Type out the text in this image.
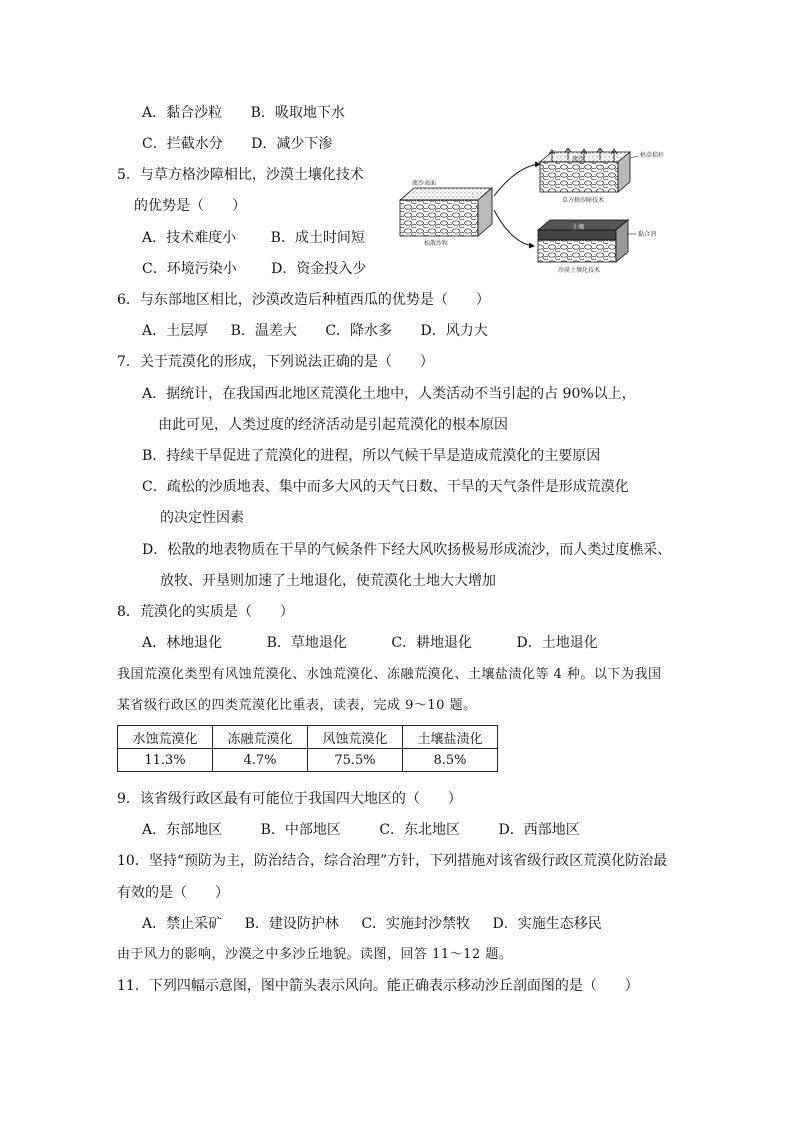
A．黏合沙粒 B．吸取地下水
C．拦截水分 D．减少下渗
5．与草方格沙障相比，沙漠土壤化技术
的优势是（　　）
A．技术难度小 B．成土时间短
C．环境污染小 D．资金投入少
流沙表面
松散沙粒
流沙
枯草秸秆
草方格沙障技术
土壤
黏合剂
沙漠土壤化技术
6．与东部地区相比，沙漠改造后种植西瓜的优势是（　　）
A．土层厚 B．温差大 C．降水多 D．风力大
7．关于荒漠化的形成，下列说法正确的是（　　）
A．据统计，在我国西北地区荒漠化土地中，人类活动不当引起的占 90%以上，
由此可见，人类过度的经济活动是引起荒漠化的根本原因
B．持续干旱促进了荒漠化的进程，所以气候干旱是造成荒漠化的主要原因
C．疏松的沙质地表、集中而多大风的天气日数、干旱的天气条件是形成荒漠化
的决定性因素
D．松散的地表物质在干旱的气候条件下经大风吹扬极易形成流沙，而人类过度樵采、
放牧、开垦则加速了土地退化，使荒漠化土地大大增加
8．荒漠化的实质是（　　）
A．林地退化	B．草地退化	C．耕地退化	D．土地退化
我国荒漠化类型有风蚀荒漠化、水蚀荒漠化、冻融荒漠化、土壤盐渍化等 4 种。以下为我国
某省级行政区的四类荒漠化比重表，读表，完成 9～10 题。
水蚀荒漠化	冻融荒漠化	风蚀荒漠化	土壤盐渍化
11.3%	4.7%	75.5%	8.5%
9．该省级行政区最有可能位于我国四大地区的（　　）
A．东部地区	B．中部地区	C．东北地区	D．西部地区
10．坚持“预防为主，防治结合，综合治理”方针，下列措施对该省级行政区荒漠化防治最
有效的是（　　）
A．禁止采矿 B．建设防护林 C．实施封沙禁牧 D．实施生态移民
由于风力的影响，沙漠之中多沙丘地貌。读图，回答 11～12 题。
11．下列四幅示意图，图中箭头表示风向。能正确表示移动沙丘剖面图的是（　　）
